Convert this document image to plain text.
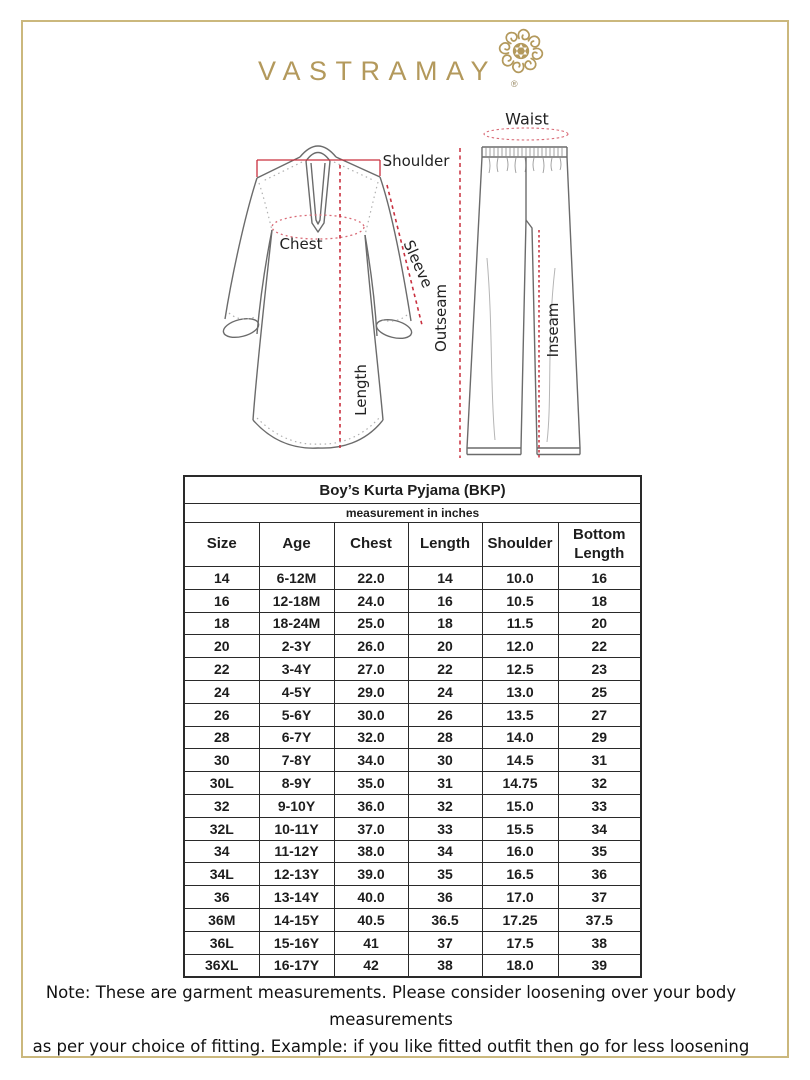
VASTRAMAY ®
Waist
Shoulder
Chest	Sleeve
Length
Outseam	Inseam
Boy’s Kurta Pyjama (BKP)					
measurement in inches					
Size	Age	Chest	Length	Shoulder	Bottom Length
14	6-12M	22.0	14	10.0	16
16	12-18M	24.0	16	10.5	18
18	18-24M	25.0	18	11.5	20
20	2-3Y	26.0	20	12.0	22
22	3-4Y	27.0	22	12.5	23
24	4-5Y	29.0	24	13.0	25
26	5-6Y	30.0	26	13.5	27
28	6-7Y	32.0	28	14.0	29
30	7-8Y	34.0	30	14.5	31
30L	8-9Y	35.0	31	14.75	32
32	9-10Y	36.0	32	15.0	33
32L	10-11Y	37.0	33	15.5	34
34	11-12Y	38.0	34	16.0	35
34L	12-13Y	39.0	35	16.5	36
36	13-14Y	40.0	36	17.0	37
36M	14-15Y	40.5	36.5	17.25	37.5
36L	15-16Y	41	37	17.5	38
36XL	16-17Y	42	38	18.0	39
Note: These are garment measurements. Please consider loosening over your body measurements
as per your choice of fitting. Example: if you like fitted outfit then go for less loosening
